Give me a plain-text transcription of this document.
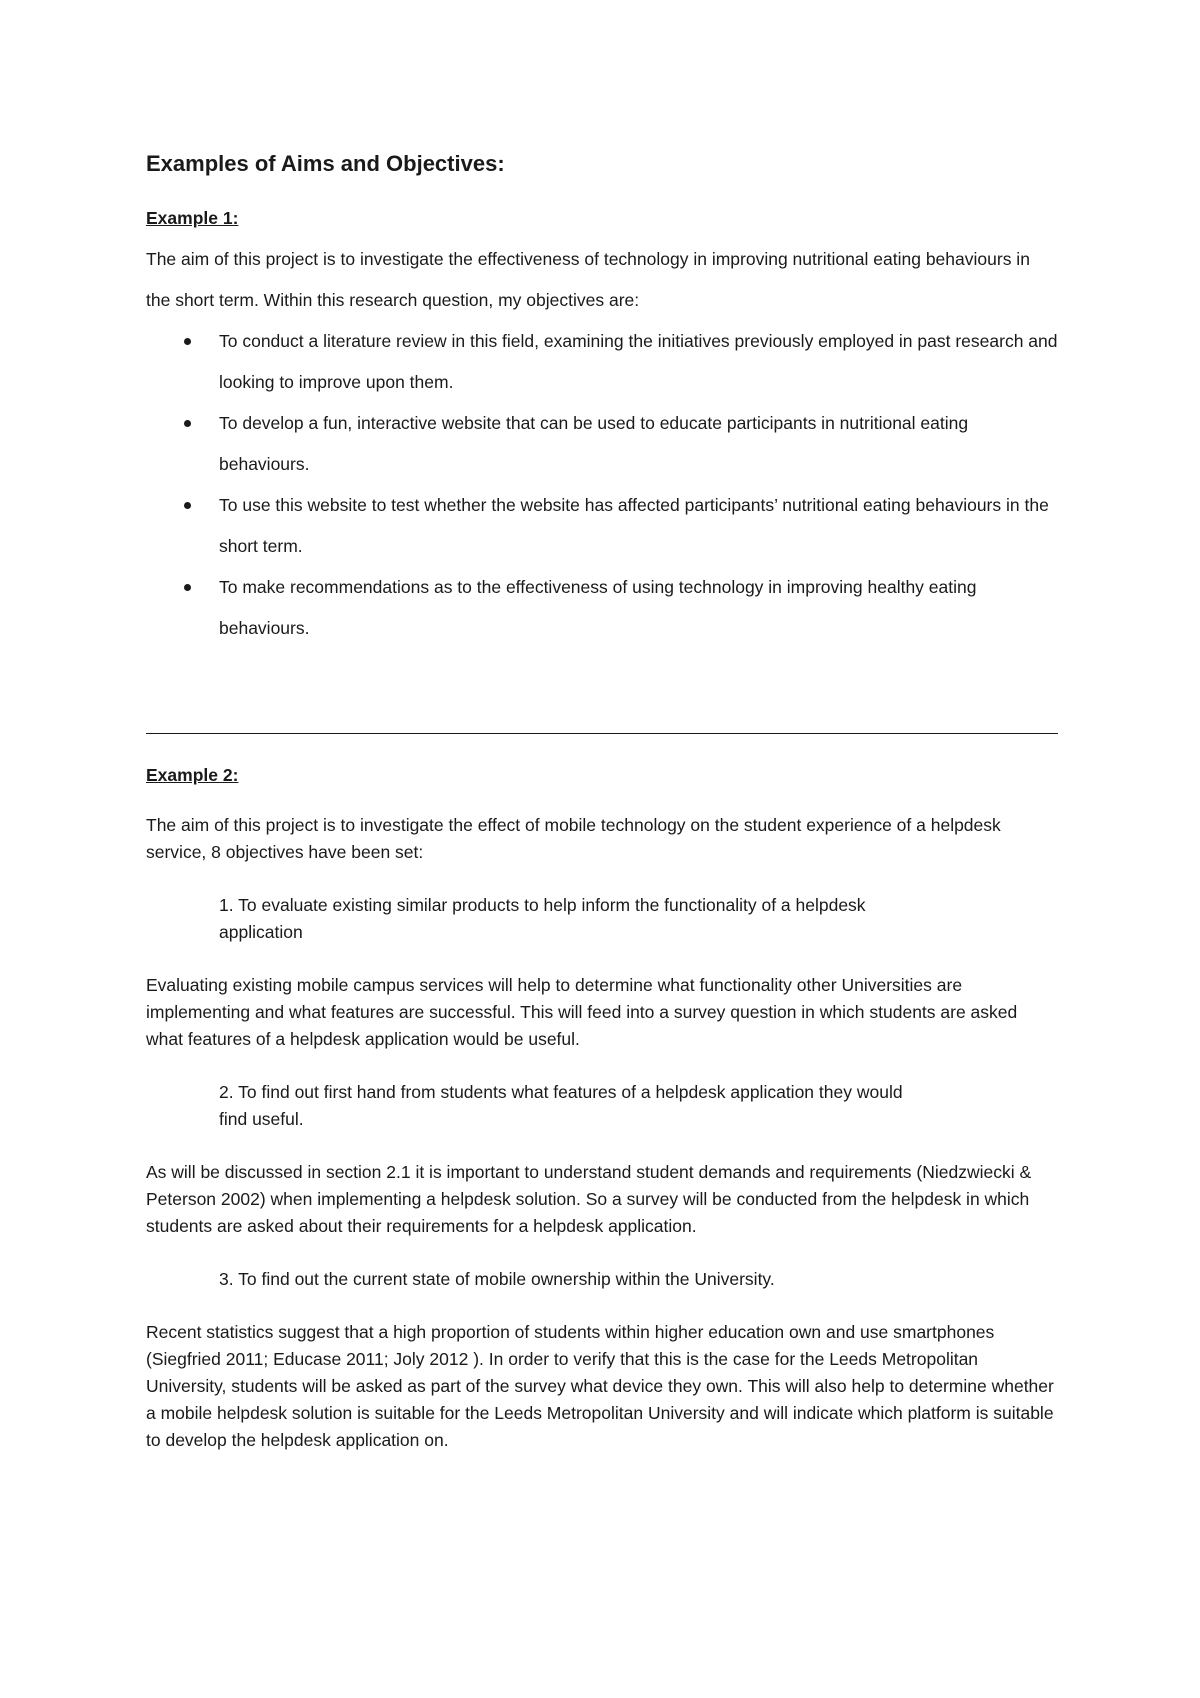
Examples of Aims and Objectives:

Example 1:

The aim of this project is to investigate the effectiveness of technology in improving nutritional eating behaviours in the short term. Within this research question, my objectives are:

To conduct a literature review in this field, examining the initiatives previously employed in past research and looking to improve upon them.
To develop a fun, interactive website that can be used to educate participants in nutritional eating behaviours.
To use this website to test whether the website has affected participants’ nutritional eating behaviours in the short term.
To make recommendations as to the effectiveness of using technology in improving healthy eating behaviours.

Example 2:

The aim of this project is to investigate the effect of mobile technology on the student experience of a helpdesk service, 8 objectives have been set:

1. To evaluate existing similar products to help inform the functionality of a helpdesk application

Evaluating existing mobile campus services will help to determine what functionality other Universities are implementing and what features are successful. This will feed into a survey question in which students are asked what features of a helpdesk application would be useful.

2. To find out first hand from students what features of a helpdesk application they would find useful.

As will be discussed in section 2.1 it is important to understand student demands and requirements (Niedzwiecki & Peterson 2002) when implementing a helpdesk solution. So a survey will be conducted from the helpdesk in which students are asked about their requirements for a helpdesk application.

3. To find out the current state of mobile ownership within the University.

Recent statistics suggest that a high proportion of students within higher education own and use smartphones (Siegfried 2011; Educase 2011; Joly 2012 ). In order to verify that this is the case for the Leeds Metropolitan University, students will be asked as part of the survey what device they own. This will also help to determine whether a mobile helpdesk solution is suitable for the Leeds Metropolitan University and will indicate which platform is suitable to develop the helpdesk application on.
